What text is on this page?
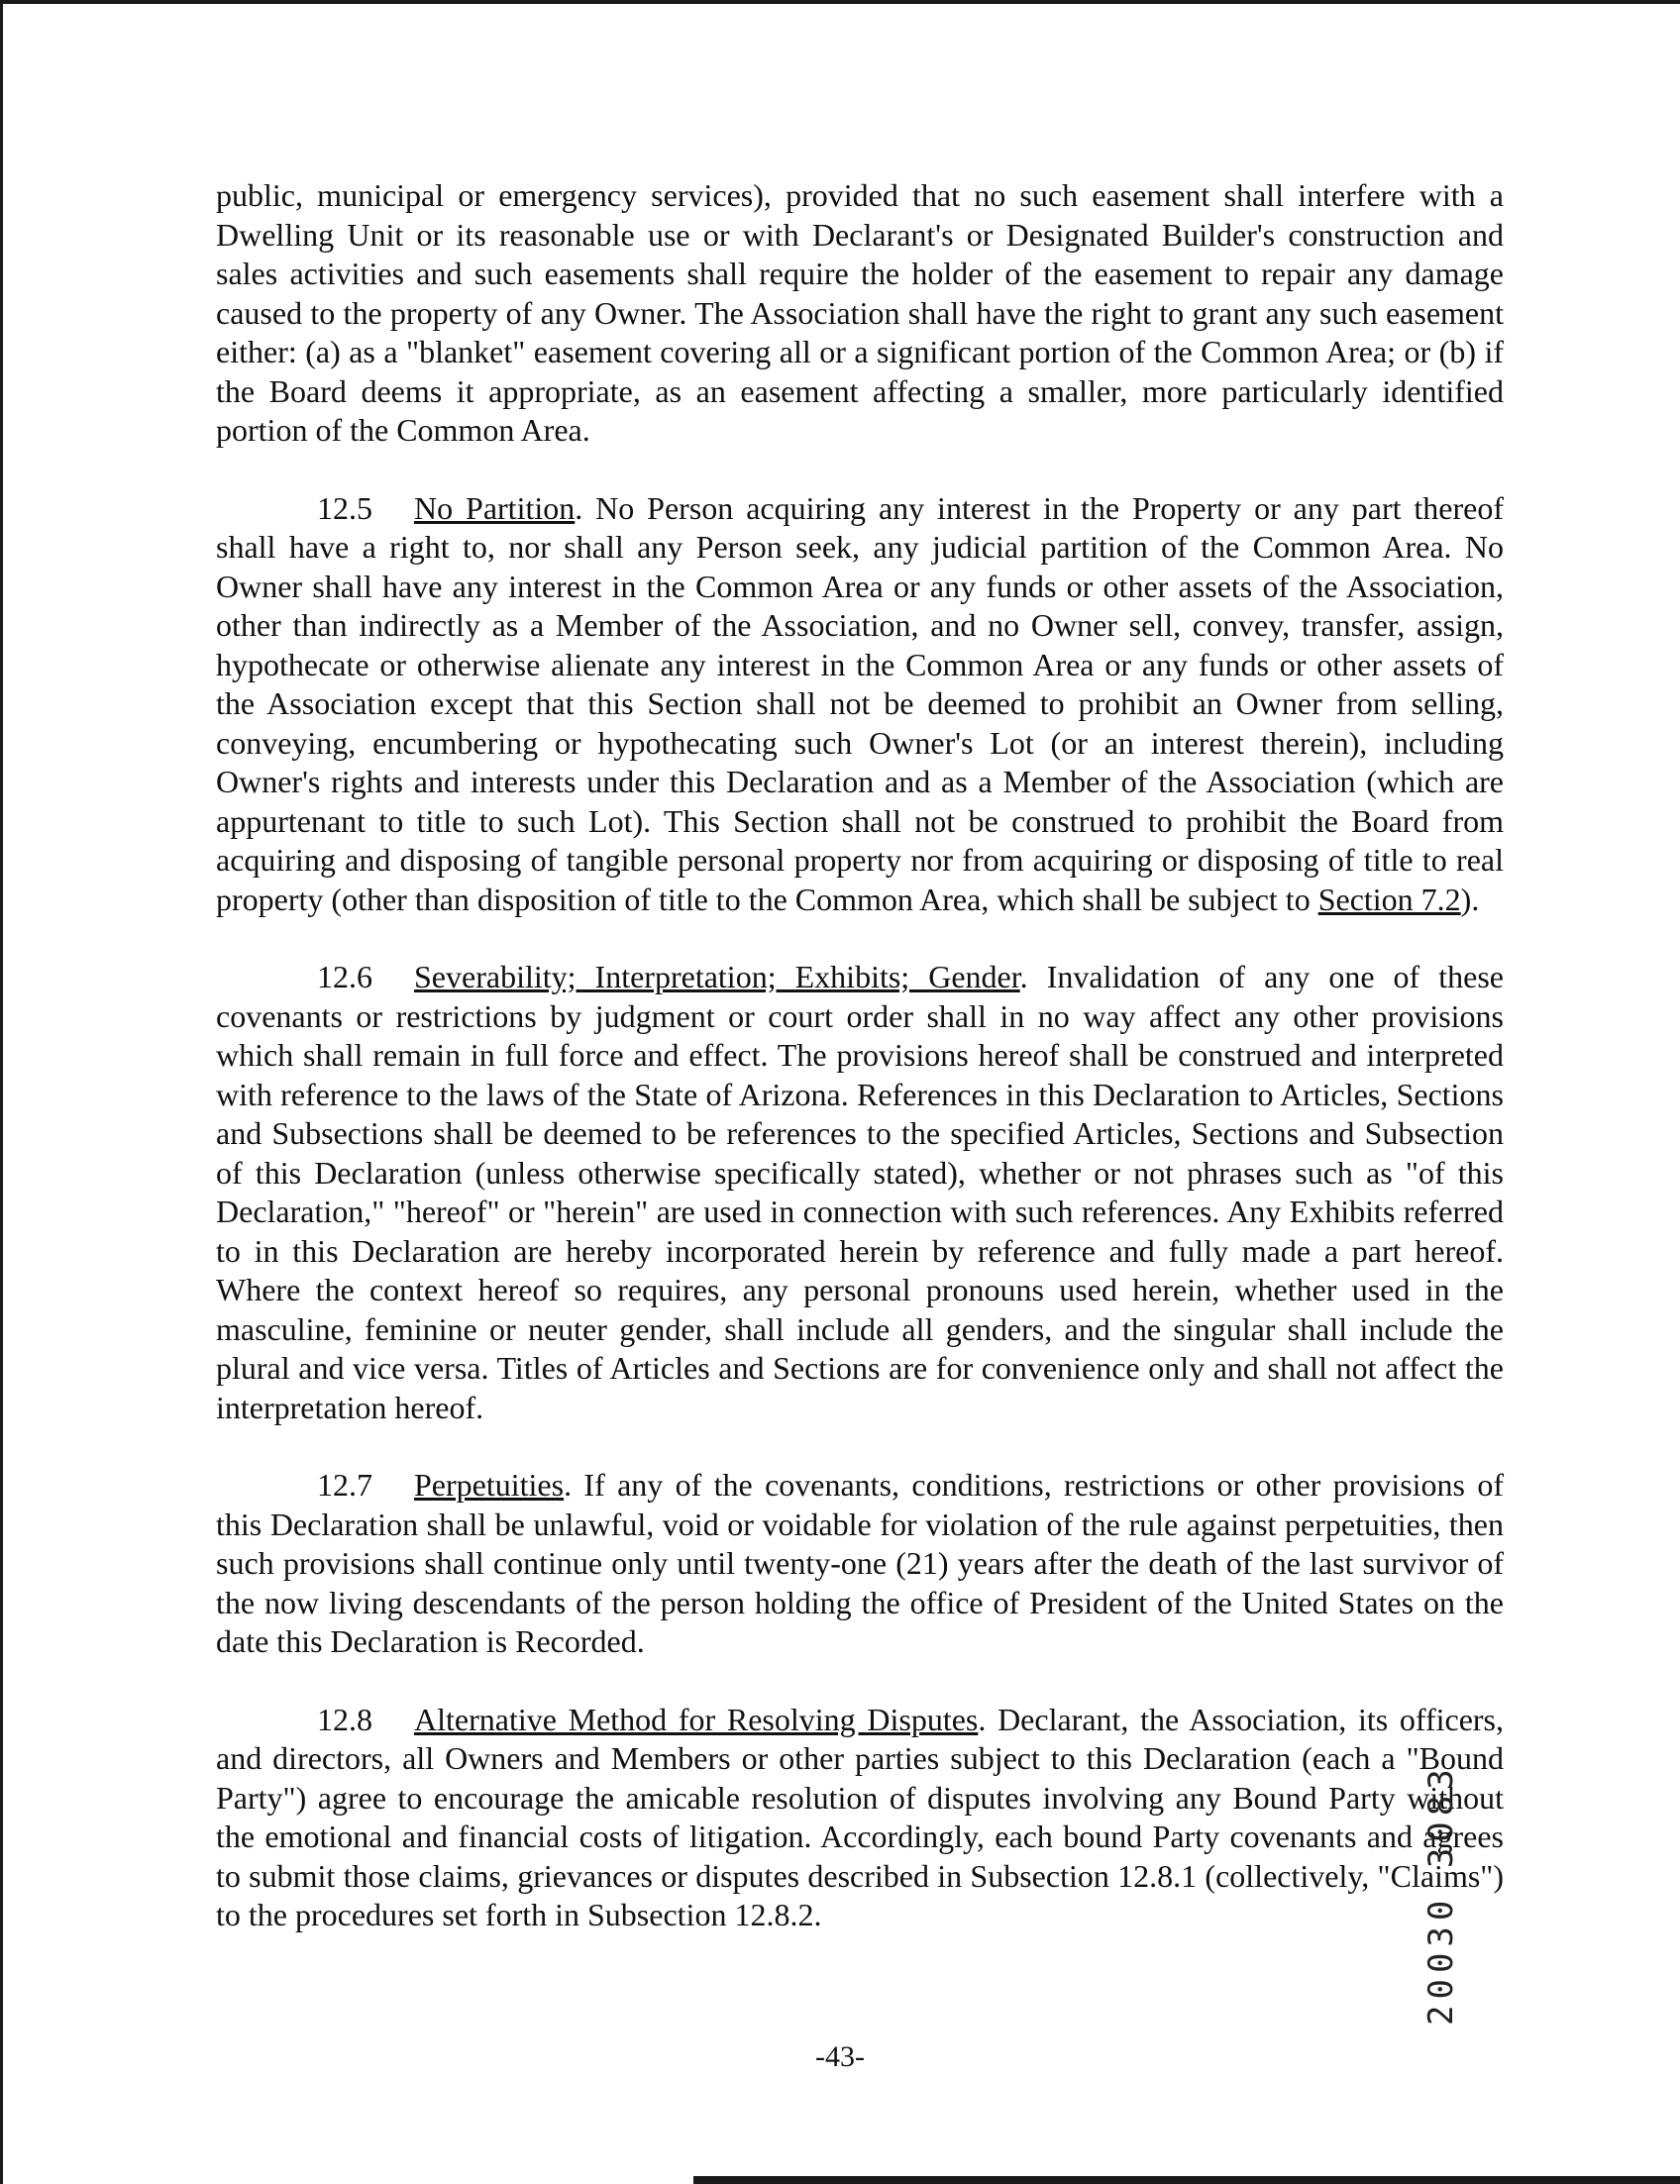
public, municipal or emergency services), provided that no such easement shall interfere with a Dwelling Unit or its reasonable use or with Declarant's or Designated Builder's construction and sales activities and such easements shall require the holder of the easement to repair any damage caused to the property of any Owner. The Association shall have the right to grant any such easement either: (a) as a "blanket" easement covering all or a significant portion of the Common Area; or (b) if the Board deems it appropriate, as an easement affecting a smaller, more particularly identified portion of the Common Area.

12.5 No Partition. No Person acquiring any interest in the Property or any part thereof shall have a right to, nor shall any Person seek, any judicial partition of the Common Area. No Owner shall have any interest in the Common Area or any funds or other assets of the Association, other than indirectly as a Member of the Association, and no Owner sell, convey, transfer, assign, hypothecate or otherwise alienate any interest in the Common Area or any funds or other assets of the Association except that this Section shall not be deemed to prohibit an Owner from selling, conveying, encumbering or hypothecating such Owner's Lot (or an interest therein), including Owner's rights and interests under this Declaration and as a Member of the Association (which are appurtenant to title to such Lot). This Section shall not be construed to prohibit the Board from acquiring and disposing of tangible personal property nor from acquiring or disposing of title to real property (other than disposition of title to the Common Area, which shall be subject to Section 7.2).

12.6 Severability; Interpretation; Exhibits; Gender. Invalidation of any one of these covenants or restrictions by judgment or court order shall in no way affect any other provisions which shall remain in full force and effect. The provisions hereof shall be construed and interpreted with reference to the laws of the State of Arizona. References in this Declaration to Articles, Sections and Subsections shall be deemed to be references to the specified Articles, Sections and Subsection of this Declaration (unless otherwise specifically stated), whether or not phrases such as "of this Declaration," "hereof" or "herein" are used in connection with such references. Any Exhibits referred to in this Declaration are hereby incorporated herein by reference and fully made a part hereof. Where the context hereof so requires, any personal pronouns used herein, whether used in the masculine, feminine or neuter gender, shall include all genders, and the singular shall include the plural and vice versa. Titles of Articles and Sections are for convenience only and shall not affect the interpretation hereof.

12.7 Perpetuities. If any of the covenants, conditions, restrictions or other provisions of this Declaration shall be unlawful, void or voidable for violation of the rule against perpetuities, then such provisions shall continue only until twenty-one (21) years after the death of the last survivor of the now living descendants of the person holding the office of President of the United States on the date this Declaration is Recorded.

12.8 Alternative Method for Resolving Disputes. Declarant, the Association, its officers, and directors, all Owners and Members or other parties subject to this Declaration (each a "Bound Party") agree to encourage the amicable resolution of disputes involving any Bound Party without the emotional and financial costs of litigation. Accordingly, each bound Party covenants and agrees to submit those claims, grievances or disputes described in Subsection 12.8.1 (collectively, "Claims") to the procedures set forth in Subsection 12.8.2.	20030 3083
-43-
